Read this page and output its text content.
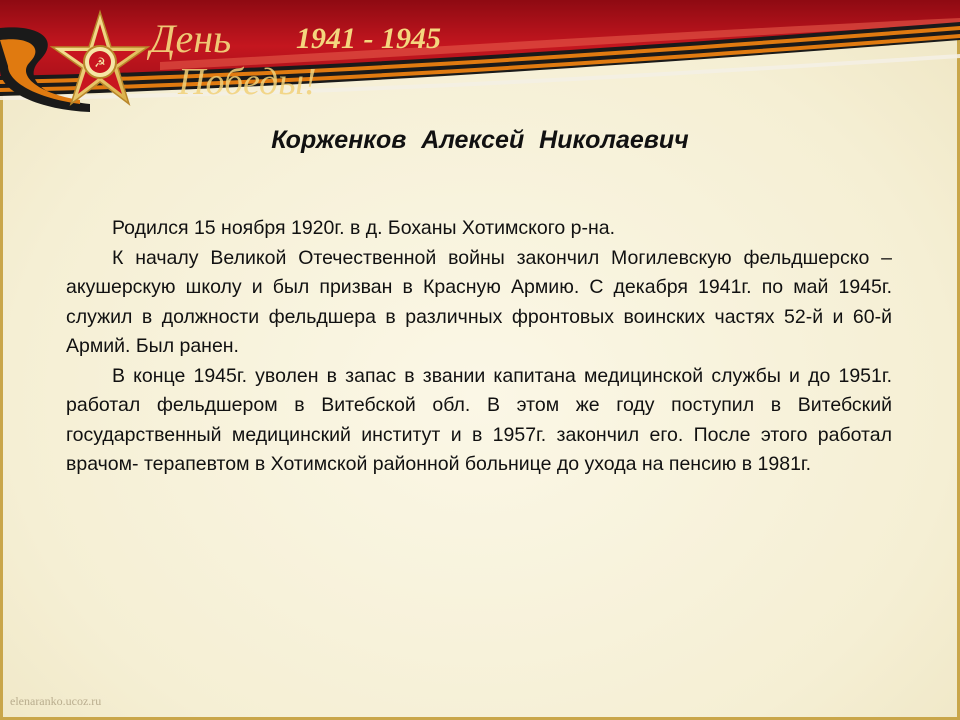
☭
День
Победы!
1941 - 1945
Корженков Алексей Николаевич

Родился 15 ноября 1920г. в д. Боханы Хотимского р-на.

К началу Великой Отечественной войны закончил Могилевскую фельдшерско –акушерскую школу и был призван в Красную Армию. С декабря 1941г. по май 1945г. служил в должности фельдшера в различных фронтовых воинских частях 52-й и 60-й Армий. Был ранен.

В конце 1945г. уволен в запас в звании капитана медицинской службы и до 1951г. работал фельдшером в Витебской обл. В этом же году поступил в Витебский государственный медицинский институт и в 1957г. закончил его. После этого работал врачом- терапевтом в Хотимской районной больнице до ухода на пенсию в 1981г.

elenaranko.ucoz.ru
